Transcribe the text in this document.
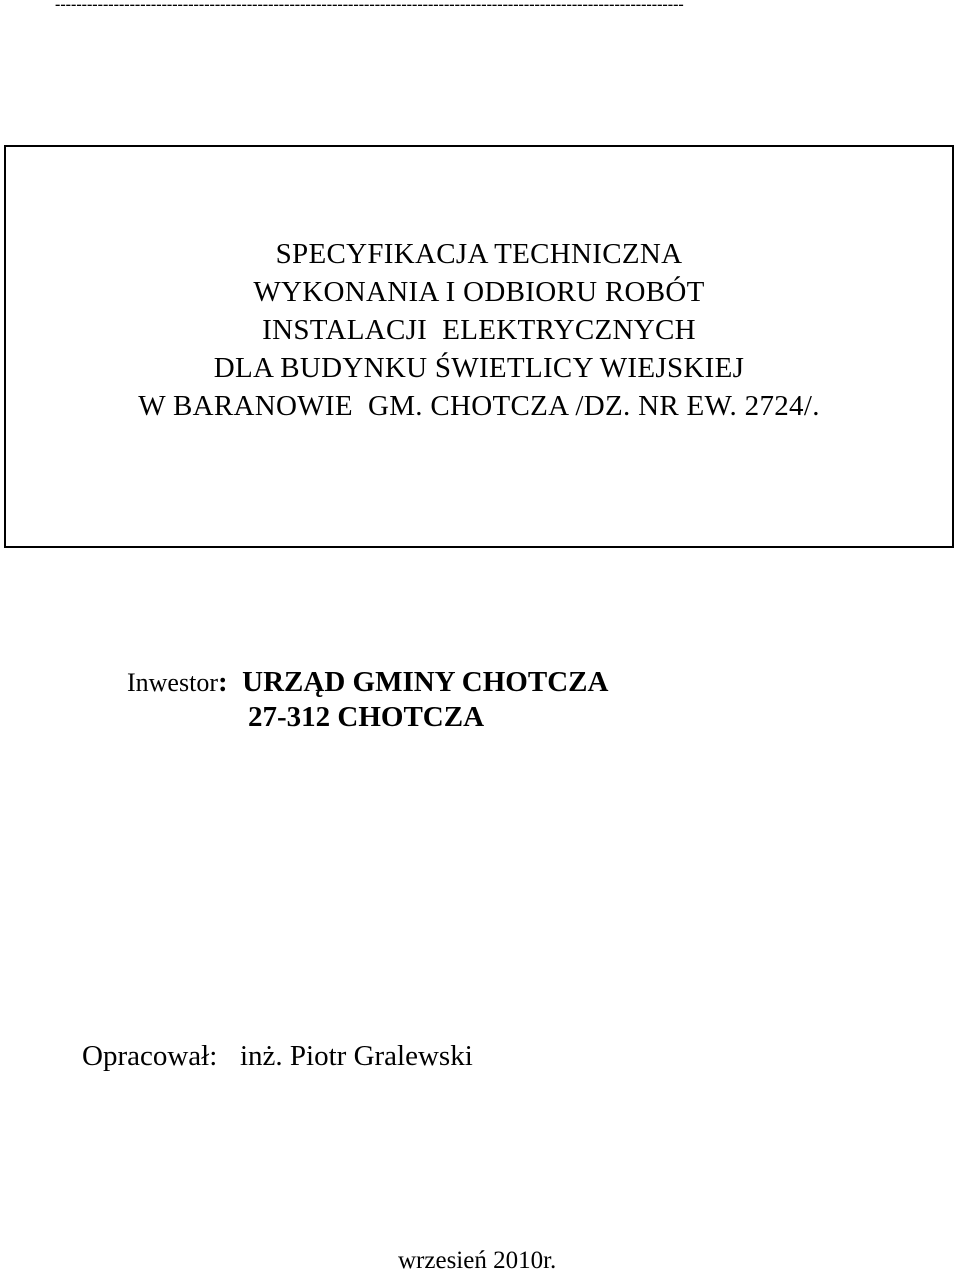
----------------------------------------------------------------------------------------------------------------------
SPECYFIKACJA TECHNICZNA
WYKONANIA I ODBIORU ROBÓT
INSTALACJI  ELEKTRYCZNYCH
DLA BUDYNKU ŚWIETLICY WIEJSKIEJ
W BARANOWIE  GM. CHOTCZA /DZ. NR EW. 2724/.
Inwestor: URZĄD GMINY CHOTCZA
27-312 CHOTCZA
Opracował: inż. Piotr Gralewski
wrzesień 2010r.
